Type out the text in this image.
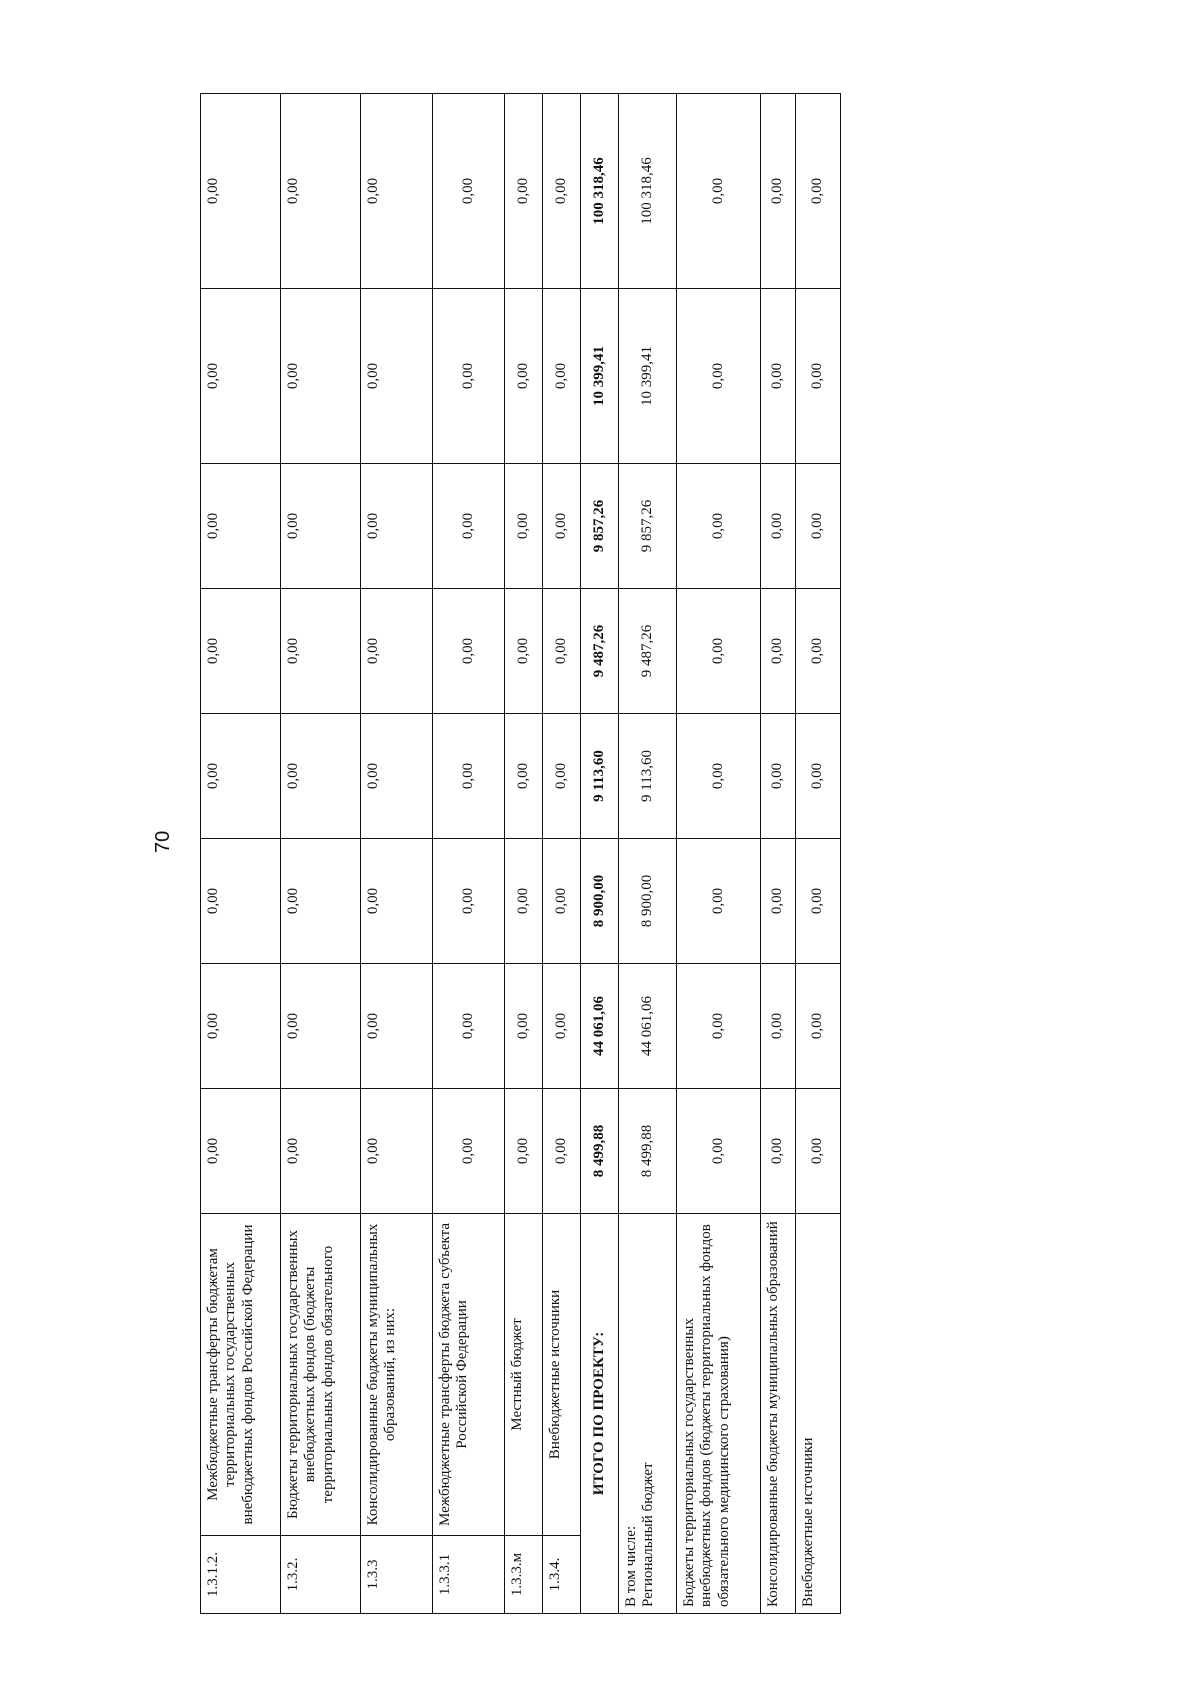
70
1.3.1.2.	Межбюджетные трансферты бюджетам территориальных государственных внебюджетных фондов Российской Федерации	0,00	0,00	0,00	0,00	0,00	0,00	0,00	0,00
1.3.2.	Бюджеты территориальных государственных внебюджетных фондов (бюджеты территориальных фондов обязательного	0,00	0,00	0,00	0,00	0,00	0,00	0,00	0,00
1.3.3	Консолидированные бюджеты муниципальных образований, из них:	0,00	0,00	0,00	0,00	0,00	0,00	0,00	0,00
1.3.3.1	Межбюджетные трансферты бюджета субъекта Российской Федерации	0,00	0,00	0,00	0,00	0,00	0,00	0,00	0,00
1.3.3.м	Местный бюджет	0,00	0,00	0,00	0,00	0,00	0,00	0,00	0,00
1.3.4.	Внебюджетные источники	0,00	0,00	0,00	0,00	0,00	0,00	0,00	0,00
ИТОГО ПО ПРОЕКТУ:		8 499,88	44 061,06	8 900,00	9 113,60	9 487,26	9 857,26	10 399,41	100 318,46
В том числе:
Региональный бюджет		8 499,88	44 061,06	8 900,00	9 113,60	9 487,26	9 857,26	10 399,41	100 318,46
Бюджеты территориальных государственных внебюджетных фондов (бюджеты территориальных фондов обязательного медицинского страхования)		0,00	0,00	0,00	0,00	0,00	0,00	0,00	0,00
Консолидированные бюджеты муниципальных образований		0,00	0,00	0,00	0,00	0,00	0,00	0,00	0,00
Внебюджетные источники		0,00	0,00	0,00	0,00	0,00	0,00	0,00	0,00
